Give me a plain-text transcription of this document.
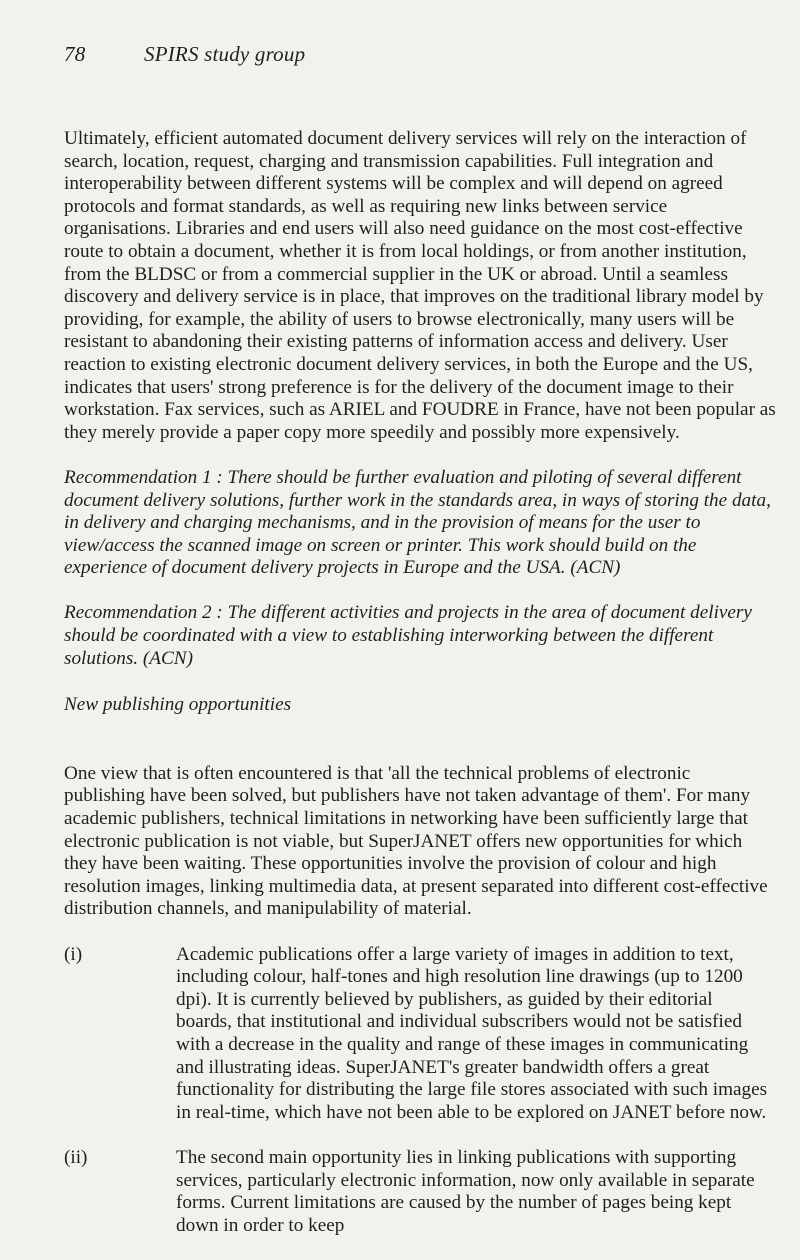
78	SPIRS study group

Ultimately, efficient automated document delivery services will rely on the interaction of search, location, request, charging and transmission capabilities. Full integration and interoperability between different systems will be complex and will depend on agreed protocols and format standards, as well as requiring new links between service organisations. Libraries and end users will also need guidance on the most cost-effective route to obtain a document, whether it is from local holdings, or from another institution, from the BLDSC or from a commercial supplier in the UK or abroad. Until a seamless discovery and delivery service is in place, that improves on the traditional library model by providing, for example, the ability of users to browse electronically, many users will be resistant to abandoning their existing patterns of information access and delivery. User reaction to existing electronic document delivery services, in both the Europe and the US, indicates that users' strong preference is for the delivery of the document image to their workstation. Fax services, such as ARIEL and FOUDRE in France, have not been popular as they merely provide a paper copy more speedily and possibly more expensively.

Recommendation 1 : There should be further evaluation and piloting of several different document delivery solutions, further work in the standards area, in ways of storing the data, in delivery and charging mechanisms, and in the provision of means for the user to view/access the scanned image on screen or printer. This work should build on the experience of document delivery projects in Europe and the USA. (ACN)

Recommendation 2 : The different activities and projects in the area of document delivery should be coordinated with a view to establishing interworking between the different solutions. (ACN)

New publishing opportunities

One view that is often encountered is that 'all the technical problems of electronic publishing have been solved, but publishers have not taken advantage of them'. For many academic publishers, technical limitations in networking have been sufficiently large that electronic publication is not viable, but SuperJANET offers new opportunities for which they have been waiting. These opportunities involve the provision of colour and high resolution images, linking multimedia data, at present separated into different cost-effective distribution channels, and manipulability of material.

(i)	Academic publications offer a large variety of images in addition to text, including colour, half-tones and high resolution line drawings (up to 1200 dpi). It is currently believed by publishers, as guided by their editorial boards, that institutional and individual subscribers would not be satisfied with a decrease in the quality and range of these images in communicating and illustrating ideas. SuperJANET's greater bandwidth offers a great functionality for distributing the large file stores associated with such images in real-time, which have not been able to be explored on JANET before now.
(ii)	The second main opportunity lies in linking publications with supporting services, particularly electronic information, now only available in separate forms. Current limitations are caused by the number of pages being kept down in order to keep
